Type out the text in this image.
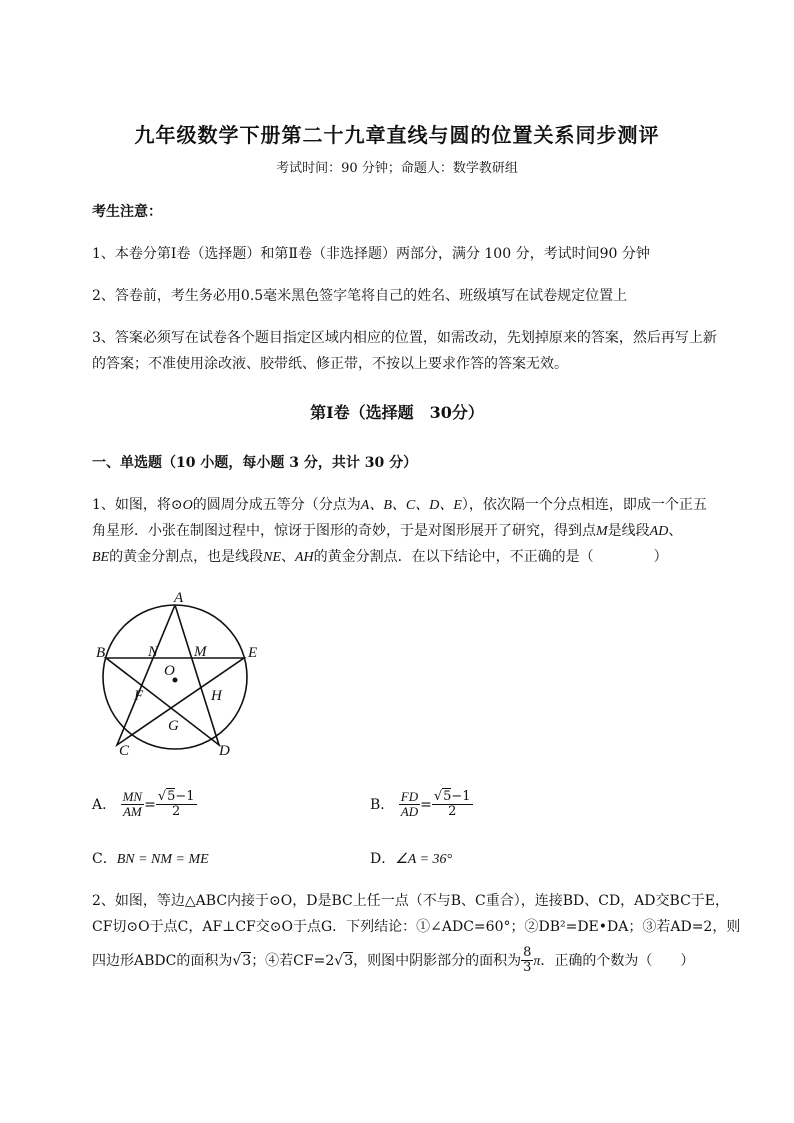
九年级数学下册第二十九章直线与圆的位置关系同步测评
考试时间：90 分钟；命题人：数学教研组
考生注意：
1、本卷分第Ⅰ卷（选择题）和第Ⅱ卷（非选择题）两部分，满分 100 分，考试时间90 分钟
2、答卷前，考生务必用0.5毫米黑色签字笔将自己的姓名、班级填写在试卷规定位置上
3、答案必须写在试卷各个题目指定区域内相应的位置，如需改动，先划掉原来的答案，然后再写上新
的答案；不准使用涂改液、胶带纸、修正带，不按以上要求作答的答案无效。
第Ⅰ卷（选择题　30分）
一、单选题（10 小题，每小题 3 分，共计 30 分）
1、如图，将⊙O的圆周分成五等分（分点为A、B、C、D、E），依次隔一个分点相连，即成一个正五
角星形．小张在制图过程中，惊讶于图形的奇妙，于是对图形展开了研究，得到点M是线段AD、
BE的黄金分割点，也是线段NE、AH的黄金分割点．在以下结论中，不正确的是（	）
A
B
C	D
E
N M
O
F	H
G
A． $\frac{MN}{AM} = \frac{√5-1}{2}$	B． $\frac{FD}{AD} = \frac{√5-1}{2}$
C．BN = NM = ME	D．∠A = 36°
2、如图，等边△ABC内接于⊙O，D是BC上任一点（不与B、C重合），连接BD、CD，AD交BC于E，
CF切⊙O于点C，AF⊥CF交⊙O于点G．下列结论：①∠ADC=60°；②DB²=DE•DA；③若AD=2，则
四边形ABDC的面积为√3；④若CF=2√3，则图中阴影部分的面积为 $\frac{8}{3}$ π．正确的个数为（　　）
